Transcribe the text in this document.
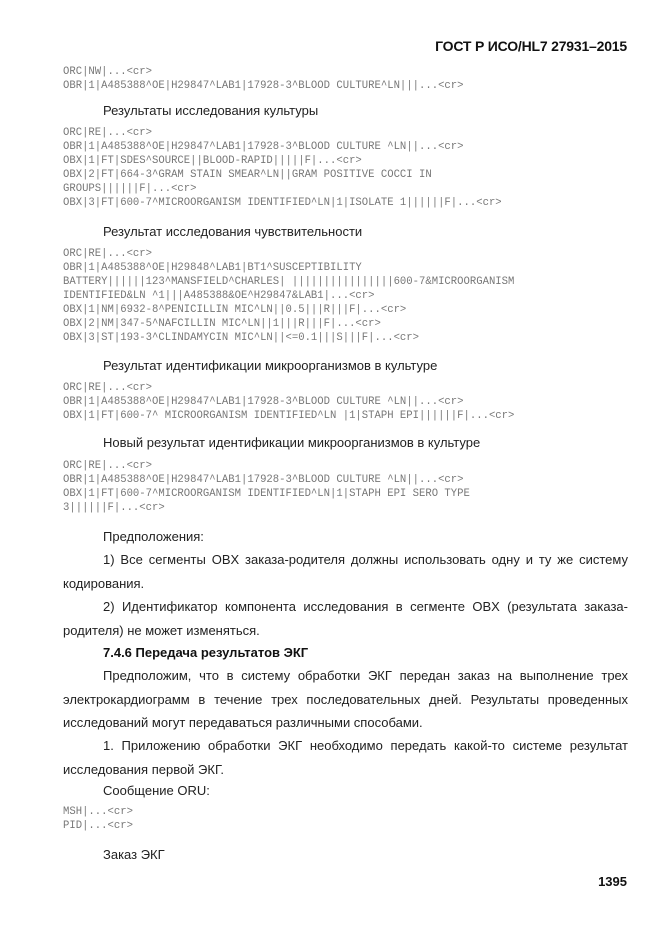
ГОСТ Р ИСО/HL7 27931–2015
ORC|NW|...<cr>
OBR|1|A485388^OE|H29847^LAB1|17928-3^BLOOD CULTURE^LN|||...<cr>
Результаты исследования культуры
ORC|RE|...<cr>
OBR|1|A485388^OE|H29847^LAB1|17928-3^BLOOD CULTURE ^LN||...<cr>
OBX|1|FT|SDES^SOURCE||BLOOD-RAPID|||||F|...<cr>
OBX|2|FT|664-3^GRAM STAIN SMEAR^LN||GRAM POSITIVE COCCI IN
GROUPS||||||F|...<cr>
OBX|3|FT|600-7^MICROORGANISM IDENTIFIED^LN|1|ISOLATE 1||||||F|...<cr>
Результат исследования чувствительности
ORC|RE|...<cr>
OBR|1|A485388^OE|H29848^LAB1|BT1^SUSCEPTIBILITY
BATTERY||||||123^MANSFIELD^CHARLES| ||||||||||||||||600-7&MICROORGANISM
IDENTIFIED&LN ^1|||A485388&OE^H29847&LAB1|...<cr>
OBX|1|NM|6932-8^PENICILLIN MIC^LN||0.5|||R|||F|...<cr>
OBX|2|NM|347-5^NAFCILLIN MIC^LN||1|||R|||F|...<cr>
OBX|3|ST|193-3^CLINDAMYCIN MIC^LN||<=0.1|||S|||F|...<cr>
Результат идентификации микроорганизмов в культуре
ORC|RE|...<cr>
OBR|1|A485388^OE|H29847^LAB1|17928-3^BLOOD CULTURE ^LN||...<cr>
OBX|1|FT|600-7^ MICROORGANISM IDENTIFIED^LN |1|STAPH EPI||||||F|...<cr>
Новый результат идентификации микроорганизмов в культуре
ORC|RE|...<cr>
OBR|1|A485388^OE|H29847^LAB1|17928-3^BLOOD CULTURE ^LN||...<cr>
OBX|1|FT|600-7^MICROORGANISM IDENTIFIED^LN|1|STAPH EPI SERO TYPE
3||||||F|...<cr>
Предположения:

1) Все сегменты OBX заказа-родителя должны использовать одну и ту же систему кодирования.

2) Идентификатор компонента исследования в сегменте OBX (результата заказа-родителя) не может изменяться.

7.4.6 Передача результатов ЭКГ

Предположим, что в систему обработки ЭКГ передан заказ на выполнение трех электрокардиограмм в течение трех последовательных дней. Результаты проведенных исследований могут передаваться различными способами.

1. Приложению обработки ЭКГ необходимо передать какой-то системе результат исследования первой ЭКГ.

Сообщение ORU:
MSH|...<cr>
PID|...<cr>
Заказ ЭКГ
1395
